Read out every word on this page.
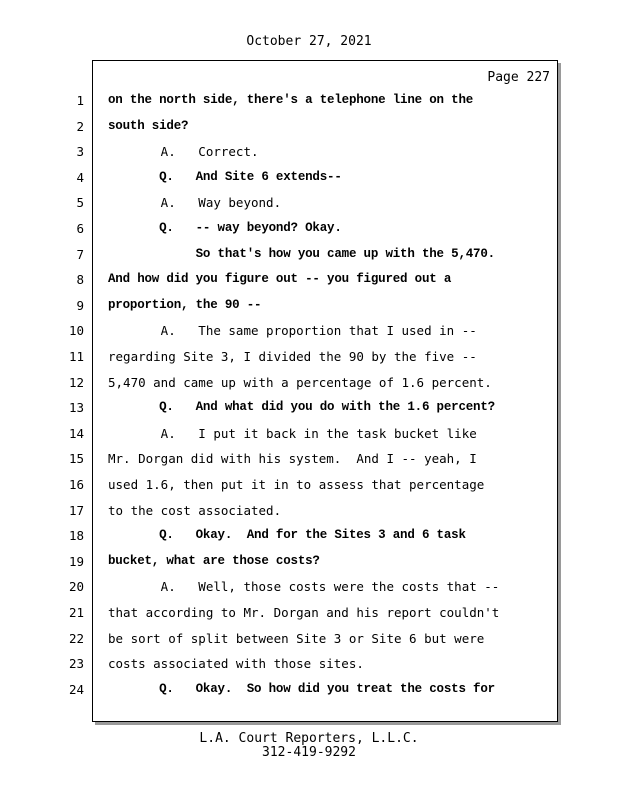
October 27, 2021
Page 227
1 on the north side, there's a telephone line on the
2 south side?
3 A.   Correct.
4 Q.   And Site 6 extends--
5 A.   Way beyond.
6 Q.   -- way beyond? Okay.
7 So that's how you came up with the 5,470.
8 And how did you figure out -- you figured out a
9 proportion, the 90 --
10 A.   The same proportion that I used in --
11 regarding Site 3, I divided the 90 by the five --
12 5,470 and came up with a percentage of 1.6 percent.
13 Q.   And what did you do with the 1.6 percent?
14 A.   I put it back in the task bucket like
15 Mr. Dorgan did with his system.  And I -- yeah, I
16 used 1.6, then put it in to assess that percentage
17 to the cost associated.
18 Q.   Okay.  And for the Sites 3 and 6 task
19 bucket, what are those costs?
20 A.   Well, those costs were the costs that --
21 that according to Mr. Dorgan and his report couldn't
22 be sort of split between Site 3 or Site 6 but were
23 costs associated with those sites.
24 Q.   Okay.  So how did you treat the costs for
L.A. Court Reporters, L.L.C.
312-419-9292
